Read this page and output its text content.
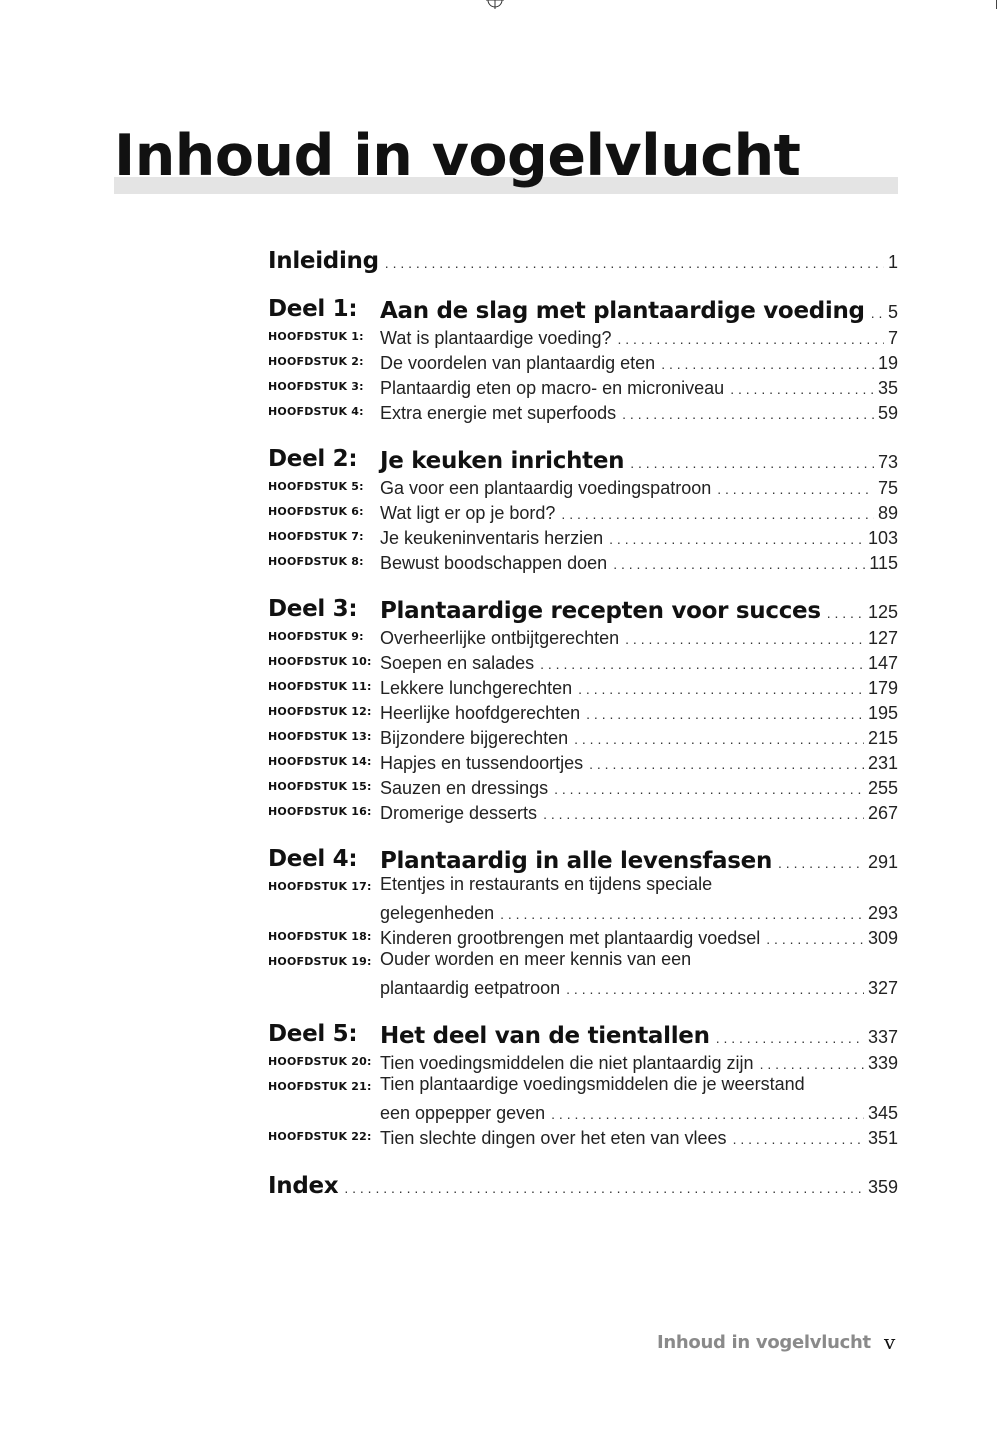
Inhoud in vogelvlucht
Inleiding . . .	1
Deel 1: Aan de slag met plantaardige voeding . . .	5
HOOFDSTUK 1: Wat is plantaardige voeding? . . .	7
HOOFDSTUK 2: De voordelen van plantaardig eten . . .	19
HOOFDSTUK 3: Plantaardig eten op macro- en microniveau . . .	35
HOOFDSTUK 4: Extra energie met superfoods . . .	59
Deel 2: Je keuken inrichten . . .	73
HOOFDSTUK 5: Ga voor een plantaardig voedingspatroon . . .	75
HOOFDSTUK 6: Wat ligt er op je bord? . . .	89
HOOFDSTUK 7: Je keukeninventaris herzien . . .	103
HOOFDSTUK 8: Bewust boodschappen doen . . .	115
Deel 3: Plantaardige recepten voor succes . . .	125
HOOFDSTUK 9: Overheerlijke ontbijtgerechten . . .	127
HOOFDSTUK 10: Soepen en salades . . .	147
HOOFDSTUK 11: Lekkere lunchgerechten . . .	179
HOOFDSTUK 12: Heerlijke hoofdgerechten . . .	195
HOOFDSTUK 13: Bijzondere bijgerechten . . .	215
HOOFDSTUK 14: Hapjes en tussendoortjes . . .	231
HOOFDSTUK 15: Sauzen en dressings . . .	255
HOOFDSTUK 16: Dromerige desserts . . .	267
Deel 4: Plantaardig in alle levensfasen . . .	291
HOOFDSTUK 17: Etentjes in restaurants en tijdens speciale
gelegenheden . . .	293
HOOFDSTUK 18: Kinderen grootbrengen met plantaardig voedsel . . .	309
HOOFDSTUK 19: Ouder worden en meer kennis van een
plantaardig eetpatroon . . .	327
Deel 5: Het deel van de tientallen . . .	337
HOOFDSTUK 20: Tien voedingsmiddelen die niet plantaardig zijn . . .	339
HOOFDSTUK 21: Tien plantaardige voedingsmiddelen die je weerstand
een oppepper geven . . .	345
HOOFDSTUK 22: Tien slechte dingen over het eten van vlees . . .	351
Index . . .	359
Inhoud in vogelvlucht v
